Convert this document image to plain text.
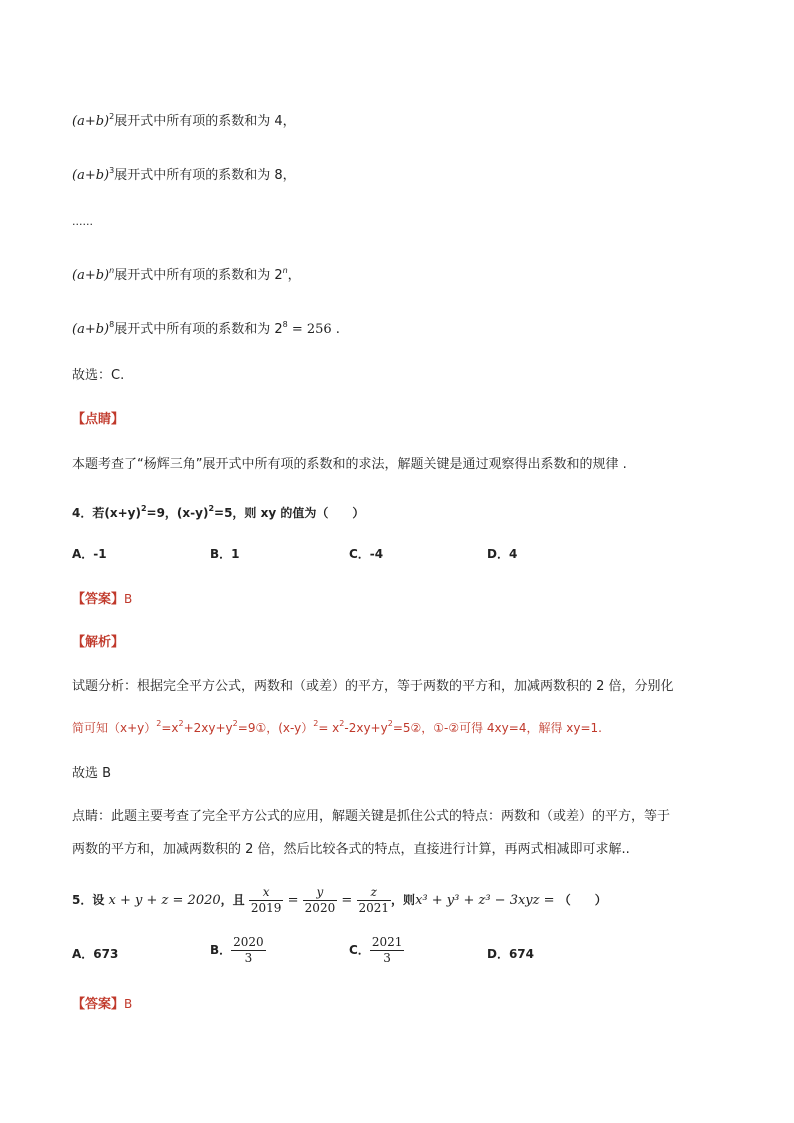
$(a+b)^2$展开式中所有项的系数和为 4，
$(a+b)^3$展开式中所有项的系数和为 8，
......
$(a+b)^n$展开式中所有项的系数和为 2$^n$，
$(a+b)^8$展开式中所有项的系数和为 $2^8 = 256$ .
故选：C.
【点睛】
本题考查了“杨辉三角”展开式中所有项的系数和的求法，解题关键是通过观察得出系数和的规律 .
4．若$(x+y)^2=9$，$(x-y)^2=5$，则 xy 的值为（　　）
A．-1	B．1	C．-4	D．4
【答案】B
【解析】
试题分析：根据完全平方公式，两数和（或差）的平方，等于两数的平方和，加减两数积的 2 倍，分别化
简可知$(x+y)^2=x^2+2xy+y^2=9①$，$(x-y)^2= x^2-2xy+y^2=5②$，①-②可得 4xy=4，解得 xy=1.
故选 B
点睛：此题主要考查了完全平方公式的应用，解题关键是抓住公式的特点：两数和（或差）的平方，等于
两数的平方和，加减两数积的 2 倍，然后比较各式的特点，直接进行计算，再两式相减即可求解..
5．设 x + y + z = 2020，且 $\frac{x}{2019} = \frac{y}{2020} = \frac{z}{2021}$ ，则x³ + y³ + z³ − 3xyz = （　　）
A．673	B． $\frac{2020}{3}$	C． $\frac{2021}{3}$	D．674
【答案】B
